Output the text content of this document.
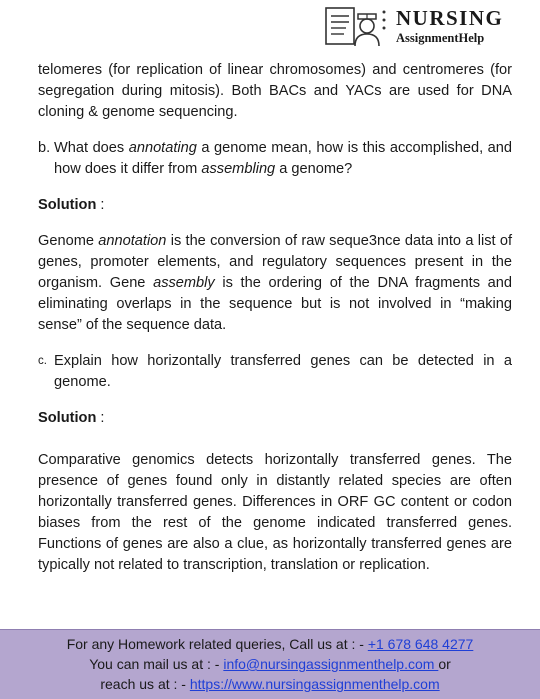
NURSING
AssignmentHelp

telomeres (for replication of linear chromosomes) and centromeres (for segregation during mitosis). Both BACs and YACs are used for DNA cloning & genome sequencing.

b. What does annotating a genome mean, how is this accomplished, and how does it differ from assembling a genome?
Solution :

Genome annotation is the conversion of raw seque3nce data into a list of genes, promoter elements, and regulatory sequences present in the organism. Gene assembly is the ordering of the DNA fragments and eliminating overlaps in the sequence but is not involved in “making sense” of the sequence data.

c. Explain how horizontally transferred genes can be detected in a genome.
Solution :

Comparative genomics detects horizontally transferred genes. The presence of genes found only in distantly related species are often horizontally transferred genes. Differences in ORF GC content or codon biases from the rest of the genome indicated transferred genes. Functions of genes are also a clue, as horizontally transferred genes are typically not related to transcription, translation or replication.

For any Homework related queries, Call us at : - +1 678 648 4277
You can mail us at : - info@nursingassignmenthelp.com or
reach us at : - https://www.nursingassignmenthelp.com
